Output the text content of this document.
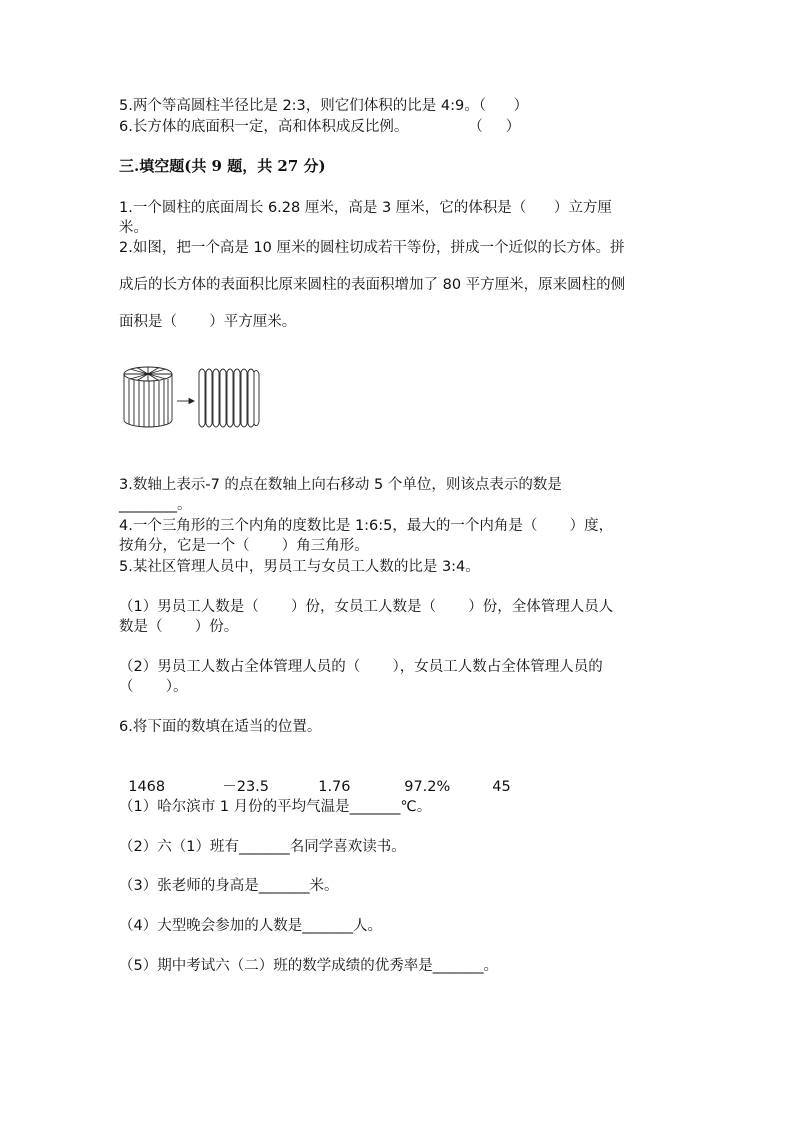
5.两个等高圆柱半径比是 2:3，则它们体积的比是 4:9。（      ）
6.长方体的底面积一定，高和体积成反比例。             （     ）
三.填空题(共 9 题，共 27 分)
1.一个圆柱的底面周长 6.28 厘米，高是 3 厘米，它的体积是（      ）立方厘
米。
2.如图，把一个高是 10 厘米的圆柱切成若干等份，拼成一个近似的长方体。拼
成后的长方体的表面积比原来圆柱的表面积增加了 80 平方厘米，原来圆柱的侧
面积是（       ）平方厘米。
3.数轴上表示-7 的点在数轴上向右移动 5 个单位，则该点表示的数是
________。
4.一个三角形的三个内角的度数比是 1:6:5，最大的一个内角是（       ）度，
按角分，它是一个（       ）角三角形。
5.某社区管理人员中，男员工与女员工人数的比是 3:4。
（1）男员工人数是（       ）份，女员工人数是（       ）份，全体管理人员人
数是（       ）份。
（2）男员工人数占全体管理人员的（       ），女员工人数占全体管理人员的
（       ）。
6.将下面的数填在适当的位置。

1468	－23.5	1.76	97.2%	45

（1）哈尔滨市 1 月份的平均气温是_______℃。
（2）六（1）班有_______名同学喜欢读书。
（3）张老师的身高是_______米。
（4）大型晚会参加的人数是_______人。
（5）期中考试六（二）班的数学成绩的优秀率是_______。
